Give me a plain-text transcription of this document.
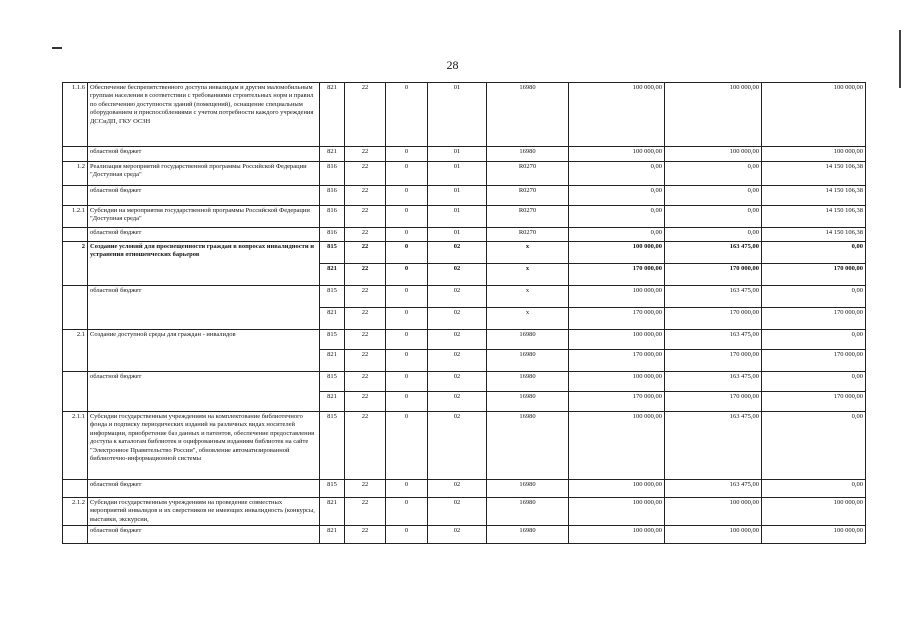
28
1.1.6	Обеспечение беспрепятственного доступа инвалидам и другим маломобильным группам населения в соответствии с требованиями строительных норм и правил по обеспечению доступности зданий (помещений), оснащение специальным оборудованием и приспособлениями с учетом потребности каждого учреждения ДССиДП, ГКУ ОСЗН	821	22	0	01	16980	100 000,00	100 000,00	100 000,00
	областной бюджет	821	22	0	01	16980	100 000,00	100 000,00	100 000,00
1.2	Реализация мероприятий государственной программы Российской Федерации "Доступная среда"	816	22	0	01	R0270	0,00	0,00	14 150 106,38
	областной бюджет	816	22	0	01	R0270	0,00	0,00	14 150 106,38
1.2.1	Субсидии на мероприятия государственной программы Российской Федерации "Доступная среда"	816	22	0	01	R0270	0,00	0,00	14 150 106,38
	областной бюджет	816	22	0	01	R0270	0,00	0,00	14 150 106,38
2	Создание условий для просвещенности граждан в вопросах инвалидности и устранения отношенческих барьеров	815	22	0	02	х	100 000,00	163 475,00	0,00
		821	22	0	02	х	170 000,00	170 000,00	170 000,00
	областной бюджет	815	22	0	02	х	100 000,00	163 475,00	0,00
		821	22	0	02	х	170 000,00	170 000,00	170 000,00
2.1	Создание доступной среды для граждан - инвалидов	815	22	0	02	16980	100 000,00	163 475,00	0,00
		821	22	0	02	16980	170 000,00	170 000,00	170 000,00
	областной бюджет	815	22	0	02	16980	100 000,00	163 475,00	0,00
		821	22	0	02	16980	170 000,00	170 000,00	170 000,00
2.1.1	Субсидии государственным учреждениям на комплектование библиотечного фонда и подписку периодических изданий на различных видах носителей информации, приобретение баз данных и патентов, обеспечение предоставления доступа к каталогам библиотек и оцифрованным изданиям библиотек на сайте "Электронное Правительство России", обновление автоматизированной библиотечно-информационной системы	815	22	0	02	16980	100 000,00	163 475,00	0,00
	областной бюджет	815	22	0	02	16980	100 000,00	163 475,00	0,00
2.1.2	Субсидии государственным учреждениям на проведение совместных мероприятий инвалидов и их сверстников не имеющих инвалидность (конкурсы, выставки, экскурсии,	821	22	0	02	16980	100 000,00	100 000,00	100 000,00
	областной бюджет	821	22	0	02	16980	100 000,00	100 000,00	100 000,00
